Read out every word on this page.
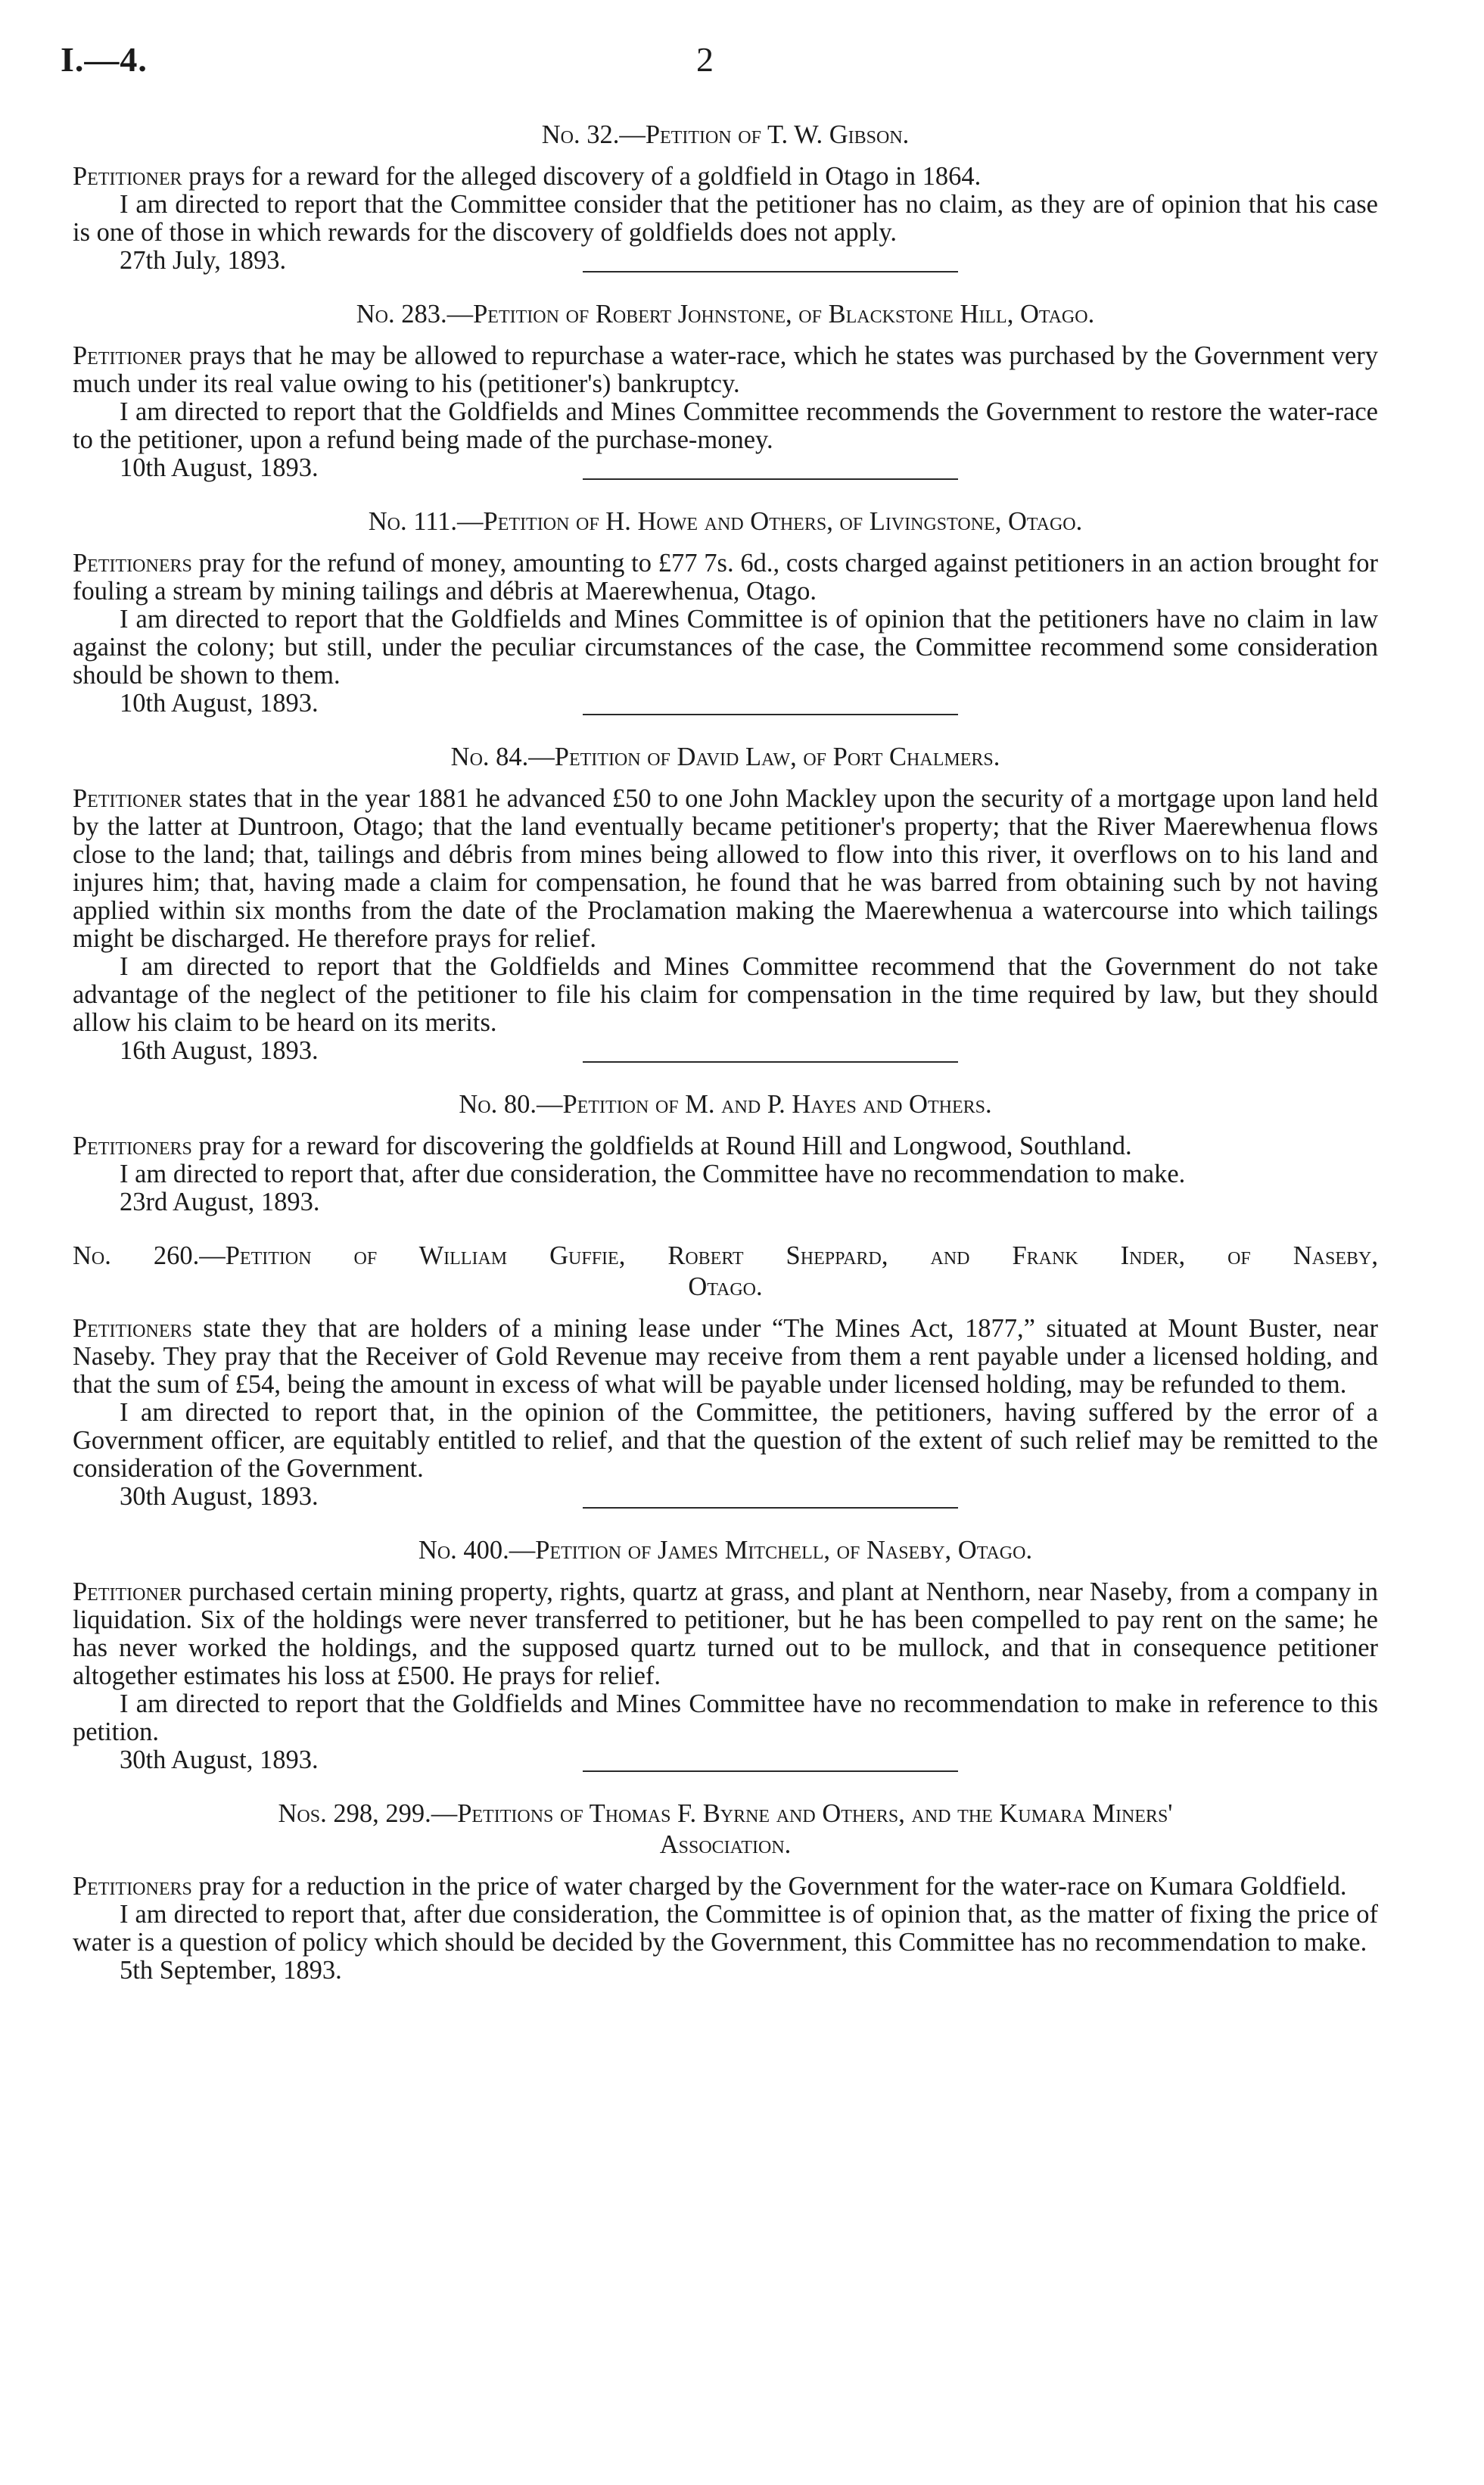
I.—4.	2
No. 32.—Petition of T. W. Gibson.

Petitioner prays for a reward for the alleged discovery of a goldfield in Otago in 1864.

I am directed to report that the Committee consider that the petitioner has no claim, as they are of opinion that his case is one of those in which rewards for the discovery of goldfields does not apply.

27th July, 1893.
No. 283.—Petition of Robert Johnstone, of Blackstone Hill, Otago.

Petitioner prays that he may be allowed to repurchase a water-race, which he states was purchased by the Government very much under its real value owing to his (petitioner's) bankruptcy.

I am directed to report that the Goldfields and Mines Committee recommends the Government to restore the water-race to the petitioner, upon a refund being made of the purchase-money.

10th August, 1893.
No. 111.—Petition of H. Howe and Others, of Livingstone, Otago.

Petitioners pray for the refund of money, amounting to £77 7s. 6d., costs charged against petitioners in an action brought for fouling a stream by mining tailings and débris at Maerewhenua, Otago.

I am directed to report that the Goldfields and Mines Committee is of opinion that the petitioners have no claim in law against the colony; but still, under the peculiar circumstances of the case, the Committee recommend some consideration should be shown to them.

10th August, 1893.
No. 84.—Petition of David Law, of Port Chalmers.

Petitioner states that in the year 1881 he advanced £50 to one John Mackley upon the security of a mortgage upon land held by the latter at Duntroon, Otago; that the land eventually became petitioner's property; that the River Maerewhenua flows close to the land; that, tailings and débris from mines being allowed to flow into this river, it overflows on to his land and injures him; that, having made a claim for compensation, he found that he was barred from obtaining such by not having applied within six months from the date of the Proclamation making the Maerewhenua a watercourse into which tailings might be discharged. He therefore prays for relief.

I am directed to report that the Goldfields and Mines Committee recommend that the Government do not take advantage of the neglect of the petitioner to file his claim for compensation in the time required by law, but they should allow his claim to be heard on its merits.

16th August, 1893.
No. 80.—Petition of M. and P. Hayes and Others.

Petitioners pray for a reward for discovering the goldfields at Round Hill and Longwood, Southland.

I am directed to report that, after due consideration, the Committee have no recommendation to make.

23rd August, 1893.
No. 260.—Petition of William Guffie, Robert Sheppard, and Frank Inder, of Naseby,
Otago.

Petitioners state they that are holders of a mining lease under “The Mines Act, 1877,” situated at Mount Buster, near Naseby. They pray that the Receiver of Gold Revenue may receive from them a rent payable under a licensed holding, and that the sum of £54, being the amount in excess of what will be payable under licensed holding, may be refunded to them.

I am directed to report that, in the opinion of the Committee, the petitioners, having suffered by the error of a Government officer, are equitably entitled to relief, and that the question of the extent of such relief may be remitted to the consideration of the Government.

30th August, 1893.
No. 400.—Petition of James Mitchell, of Naseby, Otago.

Petitioner purchased certain mining property, rights, quartz at grass, and plant at Nenthorn, near Naseby, from a company in liquidation. Six of the holdings were never transferred to petitioner, but he has been compelled to pay rent on the same; he has never worked the holdings, and the supposed quartz turned out to be mullock, and that in consequence petitioner altogether estimates his loss at £500. He prays for relief.

I am directed to report that the Goldfields and Mines Committee have no recommendation to make in reference to this petition.

30th August, 1893.
Nos. 298, 299.—Petitions of Thomas F. Byrne and Others, and the Kumara Miners'
Association.

Petitioners pray for a reduction in the price of water charged by the Government for the water-race on Kumara Goldfield.

I am directed to report that, after due consideration, the Committee is of opinion that, as the matter of fixing the price of water is a question of policy which should be decided by the Government, this Committee has no recommendation to make.

5th September, 1893.
